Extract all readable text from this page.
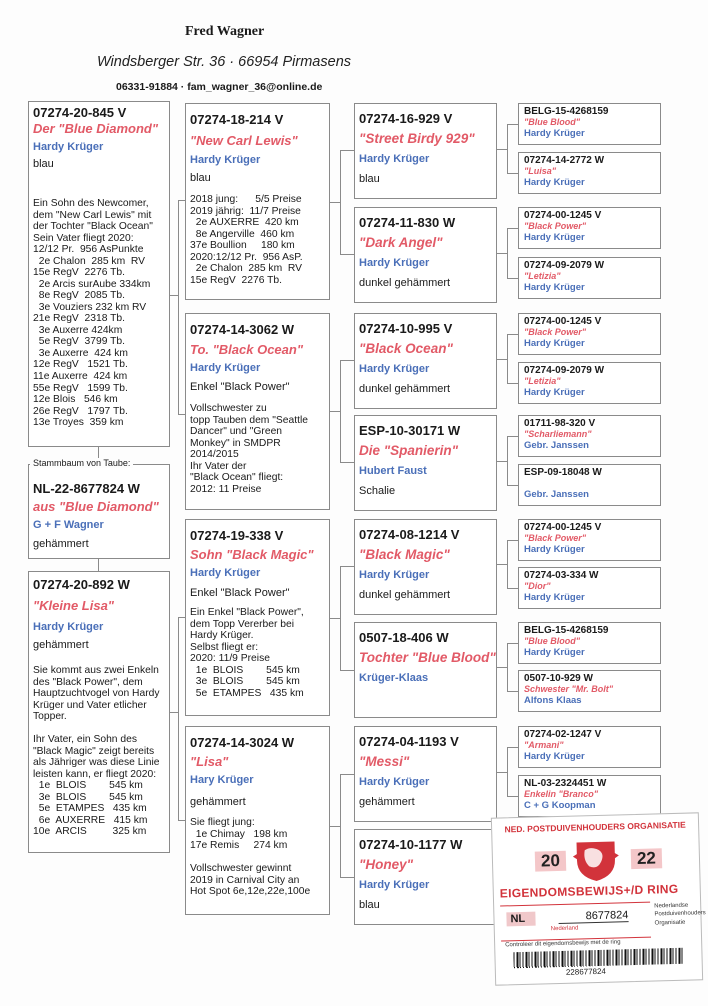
Fred Wagner
Windsberger Str. 36 · 66954 Pirmasens
06331-91884 · fam_wagner_36@online.de
07274-20-845 V
Der "Blue Diamond"
Hardy Krüger
blau
Ein Sohn des Newcomer,
dem "New Carl Lewis" mit
der Tochter "Black Ocean"
Sein Vater fliegt 2020:
12/12 Pr.  956 AsPunkte
2e Chalon  285 km  RV
15e RegV  2276 Tb.
2e Arcis surAube 334km
8e RegV  2085 Tb.
3e Vouziers 232 km RV
21e RegV  2318 Tb.
3e Auxerre 424km
5e RegV  3799 Tb.
3e Auxerre  424 km
12e RegV   1521 Tb.
11e Auxerre  424 km
55e RegV   1599 Tb.
12e Blois   546 km
26e RegV   1797 Tb.
13e Troyes  359 km
Stammbaum von Taube:
NL-22-8677824 W
aus "Blue Diamond"
G + F Wagner
gehämmert
07274-20-892 W
"Kleine Lisa"
Hardy Krüger
gehämmert
Sie kommt aus zwei Enkeln
des "Black Power", dem
Hauptzuchtvogel von Hardy
Krüger und Vater etlicher
Topper.

Ihr Vater, ein Sohn des
"Black Magic" zeigt bereits
als Jähriger was diese Linie
leisten kann, er fliegt 2020:
1e  BLOIS        545 km
3e  BLOIS        545 km
5e  ETAMPES   435 km
6e  AUXERRE   415 km
10e  ARCIS         325 km
07274-18-214 V
"New Carl Lewis"
Hardy Krüger
blau
2018 jung:      5/5 Preise
2019 jährig:  11/7 Preise
2e AUXERRE  420 km
8e Angerville  460 km
37e Boullion     180 km
2020:12/12 Pr.  956 AsP.
2e Chalon  285 km  RV
15e RegV  2276 Tb.
07274-14-3062 W
To. "Black Ocean"
Hardy Krüger
Enkel "Black Power"
Vollschwester zu
topp Tauben dem "Seattle
Dancer" und "Green
Monkey" in SMDPR
2014/2015
Ihr Vater der
"Black Ocean" fliegt:
2012: 11 Preise
07274-19-338 V
Sohn "Black Magic"
Hardy Krüger
Enkel "Black Power"
Ein Enkel "Black Power",
dem Topp Vererber bei
Hardy Krüger.
Selbst fliegt er:
2020: 11/9 Preise
1e  BLOIS        545 km
3e  BLOIS        545 km
5e  ETAMPES   435 km
07274-14-3024 W
"Lisa"
Hary Krüger
gehämmert
Sie fliegt jung:
1e Chimay   198 km
17e Remis     274 km

Vollschwester gewinnt
2019 in Carnival City an
Hot Spot 6e,12e,22e,100e
07274-16-929 V
"Street Birdy 929"
Hardy Krüger
blau
07274-11-830 W
"Dark Angel"
Hardy Krüger
dunkel gehämmert
07274-10-995 V
"Black Ocean"
Hardy Krüger
dunkel gehämmert
ESP-10-30171 W
Die "Spanierin"
Hubert Faust
Schalie
07274-08-1214 V
"Black Magic"
Hardy Krüger
dunkel gehämmert
0507-18-406 W
Tochter "Blue Blood"
Krüger-Klaas
07274-04-1193 V
"Messi"
Hardy Krüger
gehämmert
07274-10-1177 W
"Honey"
Hardy Krüger
blau
BELG-15-4268159
"Blue Blood"
Hardy Krüger
07274-14-2772 W
"Luisa"
Hardy Krüger
07274-00-1245 V
"Black Power"
Hardy Krüger
07274-09-2079 W
"Letizia"
Hardy Krüger
07274-00-1245 V
"Black Power"
Hardy Krüger
07274-09-2079 W
"Letizia"
Hardy Krüger
01711-98-320 V
"Scharliemann"
Gebr. Janssen
ESP-09-18048 W
Gebr. Janssen
07274-00-1245 V
"Black Power"
Hardy Krüger
07274-03-334 W
"Dior"
Hardy Krüger
BELG-15-4268159
"Blue Blood"
Hardy Krüger
0507-10-929 W
Schwester "Mr. Bolt"
Alfons Klaas
07274-02-1247 V
"Armani"
Hardy Krüger
NL-03-2324451 W
Enkelin "Branco"
C + G Koopman
NED. POSTDUIVENHOUDERS ORGANISATIE
20	22
EIGENDOMSBEWIJS+/D RING
NL	8677824
Nederland
Nederlandse
Postduivenhouders
Organisatie
Controleer dit eigendomsbewijs met de ring
228677824
